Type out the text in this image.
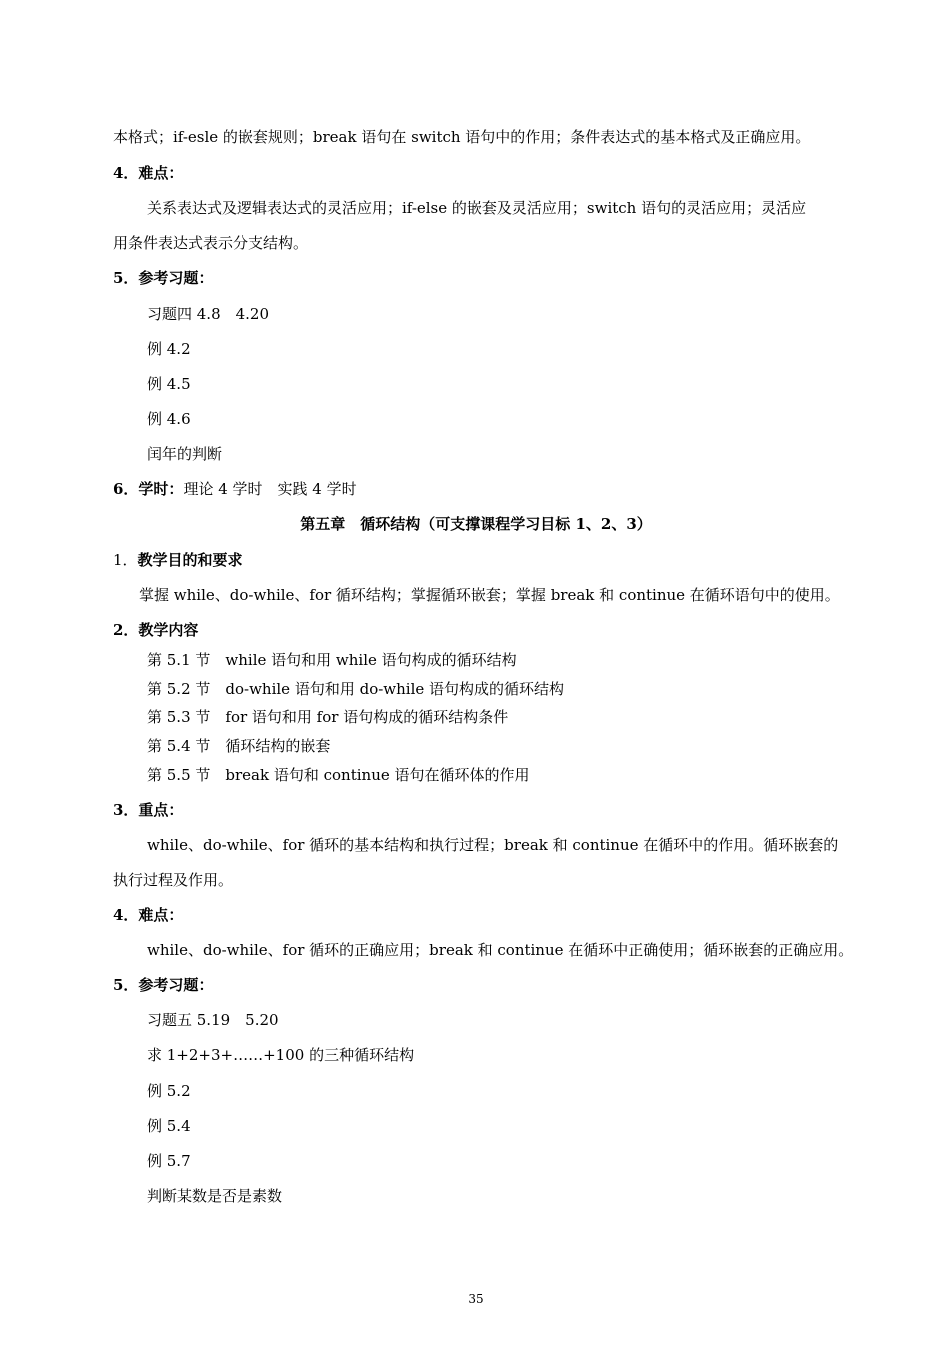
本格式；if-esle 的嵌套规则；break 语句在 switch 语句中的作用；条件表达式的基本格式及正确应用。
4．难点：
关系表达式及逻辑表达式的灵活应用；if-else 的嵌套及灵活应用；switch 语句的灵活应用；灵活应
用条件表达式表示分支结构。
5．参考习题：
习题四 4.8　4.20
例 4.2
例 4.5
例 4.6
闰年的判断
6．学时：理论 4 学时　实践 4 学时
第五章　循环结构（可支撑课程学习目标 1、2、3）
1．教学目的和要求
掌握 while、do-while、for 循环结构；掌握循环嵌套；掌握 break 和 continue 在循环语句中的使用。
2．教学内容
第 5.1 节　while 语句和用 while 语句构成的循环结构
第 5.2 节　do-while 语句和用 do-while 语句构成的循环结构
第 5.3 节　for 语句和用 for 语句构成的循环结构条件
第 5.4 节　循环结构的嵌套
第 5.5 节　break 语句和 continue 语句在循环体的作用
3．重点：
while、do-while、for 循环的基本结构和执行过程；break 和 continue 在循环中的作用。循环嵌套的
执行过程及作用。
4．难点：
while、do-while、for 循环的正确应用；break 和 continue 在循环中正确使用；循环嵌套的正确应用。
5．参考习题：
习题五 5.19　5.20
求 1+2+3+……+100 的三种循环结构
例 5.2
例 5.4
例 5.7
判断某数是否是素数
35
